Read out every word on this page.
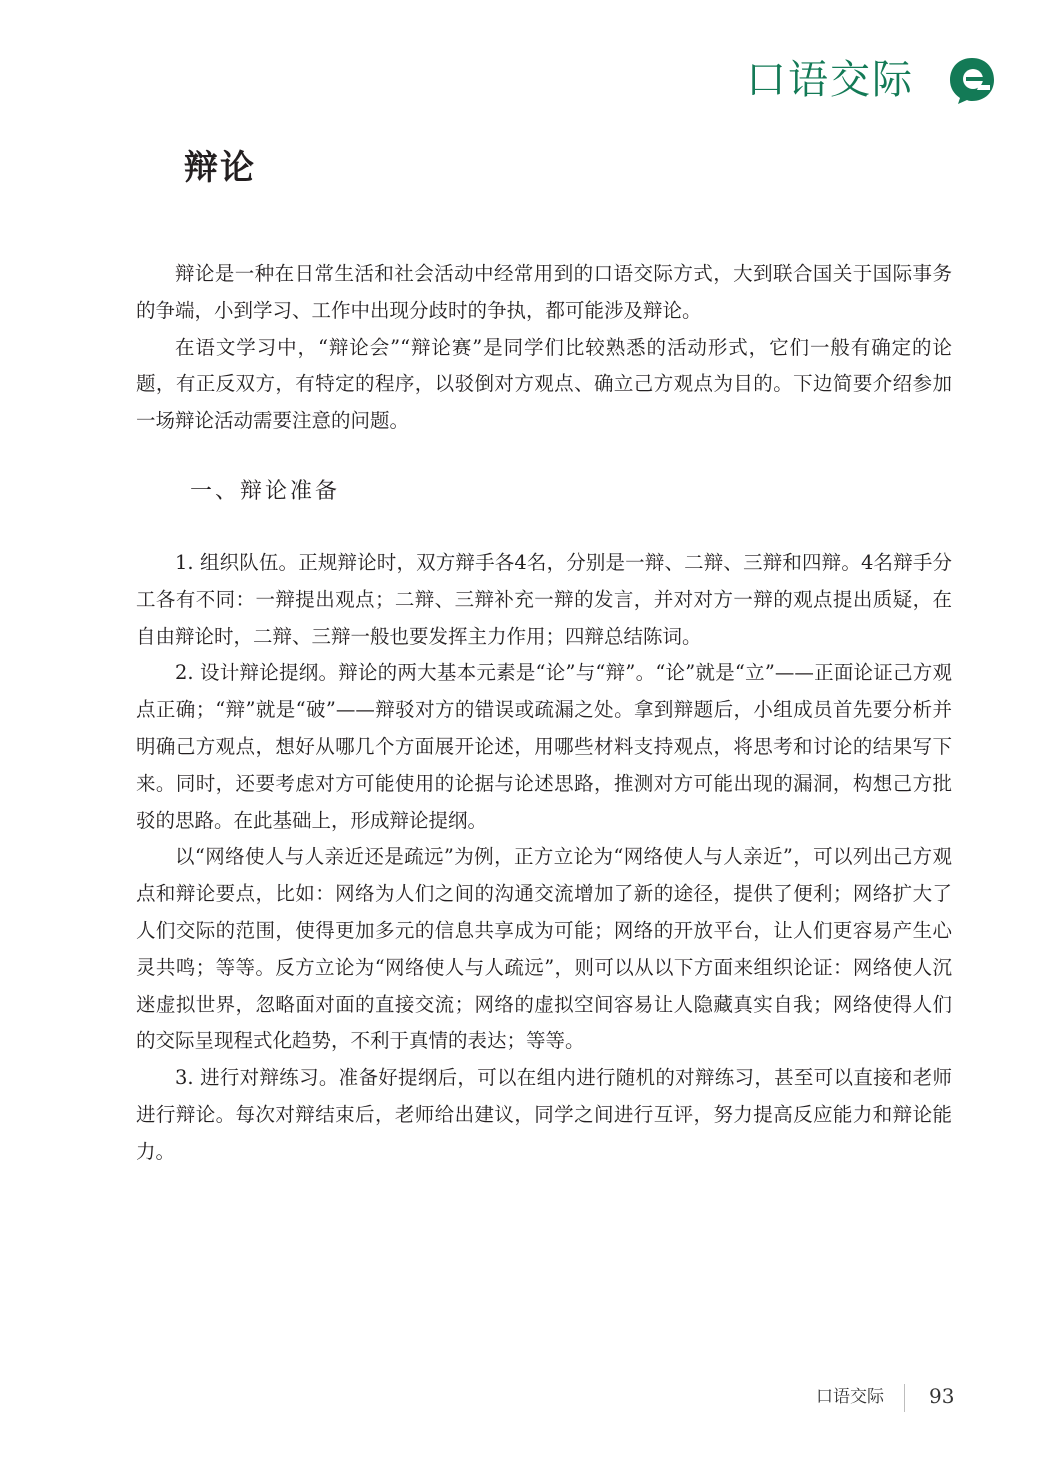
口语交际
辩论

辩论是一种在日常生活和社会活动中经常用到的口语交际方式，大到联合国关于国际事务的争端，小到学习、工作中出现分歧时的争执，都可能涉及辩论。

在语文学习中，“辩论会”“辩论赛”是同学们比较熟悉的活动形式，它们一般有确定的论题，有正反双方，有特定的程序，以驳倒对方观点、确立己方观点为目的。下边简要介绍参加一场辩论活动需要注意的问题。

一、辩论准备

1. 组织队伍。正规辩论时，双方辩手各4名，分别是一辩、二辩、三辩和四辩。4名辩手分工各有不同：一辩提出观点；二辩、三辩补充一辩的发言，并对对方一辩的观点提出质疑，在自由辩论时，二辩、三辩一般也要发挥主力作用；四辩总结陈词。

2. 设计辩论提纲。辩论的两大基本元素是“论”与“辩”。“论”就是“立”——正面论证己方观点正确；“辩”就是“破”——辩驳对方的错误或疏漏之处。拿到辩题后，小组成员首先要分析并明确己方观点，想好从哪几个方面展开论述，用哪些材料支持观点，将思考和讨论的结果写下来。同时，还要考虑对方可能使用的论据与论述思路，推测对方可能出现的漏洞，构想己方批驳的思路。在此基础上，形成辩论提纲。

以“网络使人与人亲近还是疏远”为例，正方立论为“网络使人与人亲近”，可以列出己方观点和辩论要点，比如：网络为人们之间的沟通交流增加了新的途径，提供了便利；网络扩大了人们交际的范围，使得更加多元的信息共享成为可能；网络的开放平台，让人们更容易产生心灵共鸣；等等。反方立论为“网络使人与人疏远”，则可以从以下方面来组织论证：网络使人沉迷虚拟世界，忽略面对面的直接交流；网络的虚拟空间容易让人隐藏真实自我；网络使得人们的交际呈现程式化趋势，不利于真情的表达；等等。

3. 进行对辩练习。准备好提纲后，可以在组内进行随机的对辩练习，甚至可以直接和老师进行辩论。每次对辩结束后，老师给出建议，同学之间进行互评，努力提高反应能力和辩论能力。

口语交际 93
